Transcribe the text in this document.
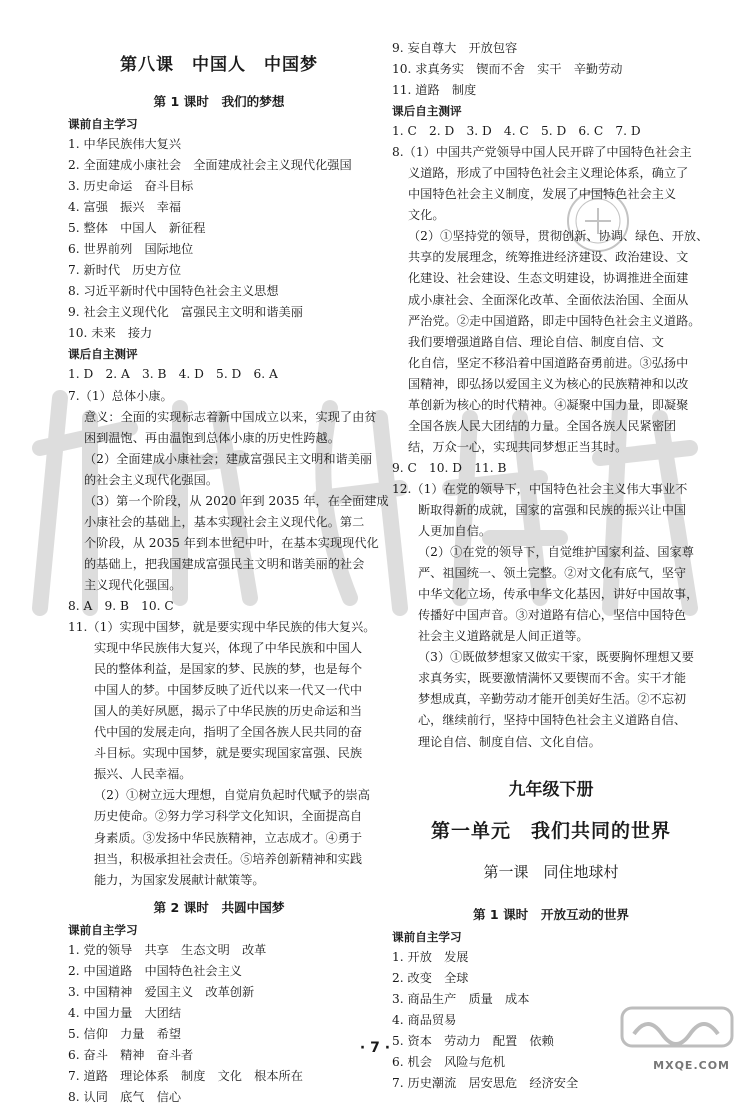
第八课　中国人　中国梦
第 1 课时　我们的梦想
课前自主学习

1. 中华民族伟大复兴

2. 全面建成小康社会　全面建成社会主义现代化强国

3. 历史命运　奋斗目标

4. 富强　振兴　幸福

5. 整体　中国人　新征程

6. 世界前列　国际地位

7. 新时代　历史方位

8. 习近平新时代中国特色社会主义思想

9. 社会主义现代化　富强民主文明和谐美丽

10. 未来　接力

课后自主测评

1. D　2. A　3. B　4. D　5. D　6. A

7.（1）总体小康。

意义：全面的实现标志着新中国成立以来，实现了由贫

困到温饱、再由温饱到总体小康的历史性跨越。

（2）全面建成小康社会；建成富强民主文明和谐美丽

的社会主义现代化强国。

（3）第一个阶段，从 2020 年到 2035 年，在全面建成

小康社会的基础上，基本实现社会主义现代化。第二

个阶段，从 2035 年到本世纪中叶，在基本实现现代化

的基础上，把我国建成富强民主文明和谐美丽的社会

主义现代化强国。

8. A　9. B　10. C

11.（1）实现中国梦，就是要实现中华民族的伟大复兴。

实现中华民族伟大复兴，体现了中华民族和中国人

民的整体利益，是国家的梦、民族的梦，也是每个

中国人的梦。中国梦反映了近代以来一代又一代中

国人的美好夙愿，揭示了中华民族的历史命运和当

代中国的发展走向，指明了全国各族人民共同的奋

斗目标。实现中国梦，就是要实现国家富强、民族

振兴、人民幸福。

（2）①树立远大理想，自觉肩负起时代赋予的崇高

历史使命。②努力学习科学文化知识，全面提高自

身素质。③发扬中华民族精神，立志成才。④勇于

担当，积极承担社会责任。⑤培养创新精神和实践

能力，为国家发展献计献策等。

第 2 课时　共圆中国梦
课前自主学习

1. 党的领导　共享　生态文明　改革

2. 中国道路　中国特色社会主义

3. 中国精神　爱国主义　改革创新

4. 中国力量　大团结

5. 信仰　力量　希望

6. 奋斗　精神　奋斗者

7. 道路　理论体系　制度　文化　根本所在

8. 认同　底气　信心

9. 妄自尊大　开放包容

10. 求真务实　锲而不舍　实干　辛勤劳动

11. 道路　制度

课后自主测评

1. C　2. D　3. D　4. C　5. D　6. C　7. D

8.（1）中国共产党领导中国人民开辟了中国特色社会主

义道路，形成了中国特色社会主义理论体系，确立了

中国特色社会主义制度，发展了中国特色社会主义

文化。

（2）①坚持党的领导，贯彻创新、协调、绿色、开放、

共享的发展理念，统筹推进经济建设、政治建设、文

化建设、社会建设、生态文明建设，协调推进全面建

成小康社会、全面深化改革、全面依法治国、全面从

严治党。②走中国道路，即走中国特色社会主义道路。

我们要增强道路自信、理论自信、制度自信、文

化自信，坚定不移沿着中国道路奋勇前进。③弘扬中

国精神，即弘扬以爱国主义为核心的民族精神和以改

革创新为核心的时代精神。④凝聚中国力量，即凝聚

全国各族人民大团结的力量。全国各族人民紧密团

结，万众一心，实现共同梦想正当其时。

9. C　10. D　11. B

12.（1）在党的领导下，中国特色社会主义伟大事业不

断取得新的成就，国家的富强和民族的振兴让中国

人更加自信。

（2）①在党的领导下，自觉维护国家利益、国家尊

严、祖国统一、领土完整。②对文化有底气，坚守

中华文化立场，传承中华文化基因，讲好中国故事，

传播好中国声音。③对道路有信心，坚信中国特色

社会主义道路就是人间正道等。

（3）①既做梦想家又做实干家，既要胸怀理想又要

求真务实，既要激情满怀又要锲而不舍。实干才能

梦想成真，辛勤劳动才能开创美好生活。②不忘初

心，继续前行，坚持中国特色社会主义道路自信、

理论自信、制度自信、文化自信。

九年级下册
第一单元　我们共同的世界
第一课　同住地球村
第 1 课时　开放互动的世界
课前自主学习

1. 开放　发展

2. 改变　全球

3. 商品生产　质量　成本

4. 商品贸易

5. 资本　劳动力　配置　依赖

6. 机会　风险与危机

7. 历史潮流　居安思危　经济安全

· 7 ·
MXQE.COM
